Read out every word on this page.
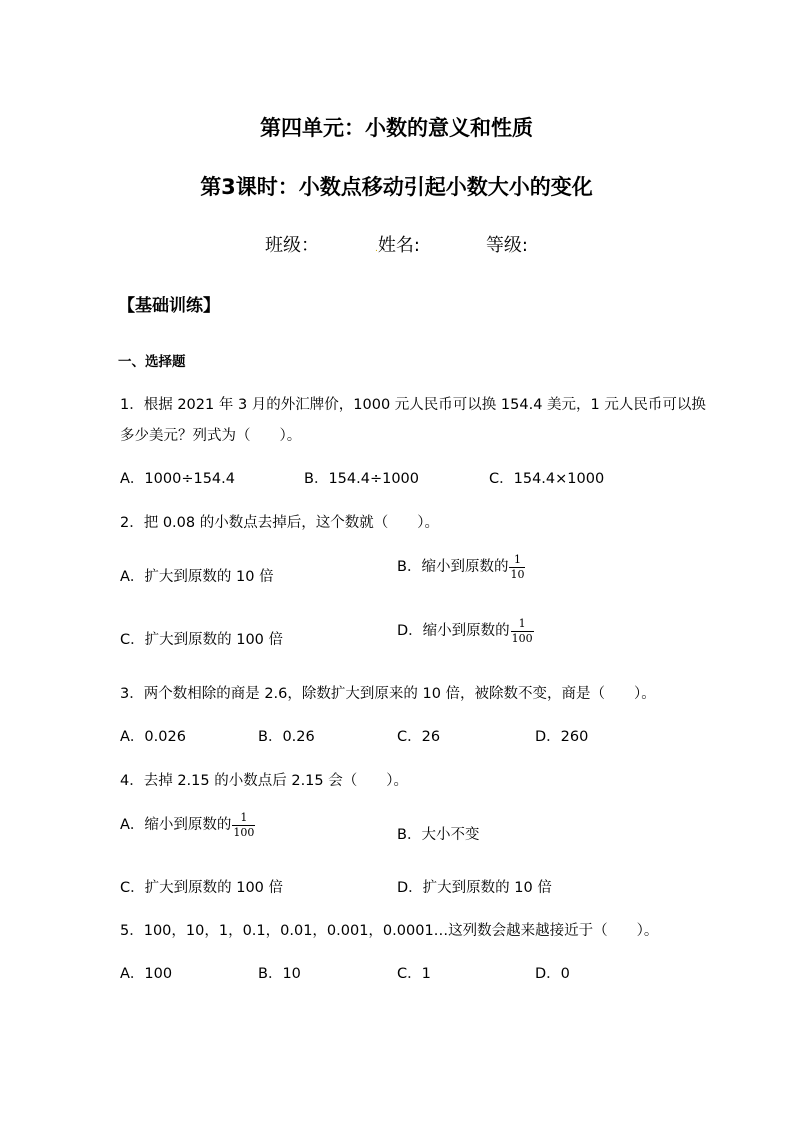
第四单元：小数的意义和性质
第3课时：小数点移动引起小数大小的变化
班级：	.姓名:	等级:
【基础训练】
一、选择题
1．根据 2021 年 3 月的外汇牌价，1000 元人民币可以换 154.4 美元，1 元人民币可以换
多少美元？列式为（　　）。
A．1000÷154.4	B．154.4÷1000	C．154.4×1000
2．把 0.08 的小数点去掉后，这个数就（　　）。
A．扩大到原数的 10 倍
B．缩小到原数的 $\frac{1}{10}$
C．扩大到原数的 100 倍
D．缩小到原数的 $\frac{1}{100}$
3．两个数相除的商是 2.6，除数扩大到原来的 10 倍，被除数不变，商是（　　）。
A．0.026	B．0.26	C．26	D．260
4．去掉 2.15 的小数点后 2.15 会（　　）。
A．缩小到原数的 $\frac{1}{100}$	B．大小不变
C．扩大到原数的 100 倍	D．扩大到原数的 10 倍
5．100，10，1，0.1，0.01，0.001，0.0001…这列数会越来越接近于（　　）。
A．100	B．10	C．1	D．0
